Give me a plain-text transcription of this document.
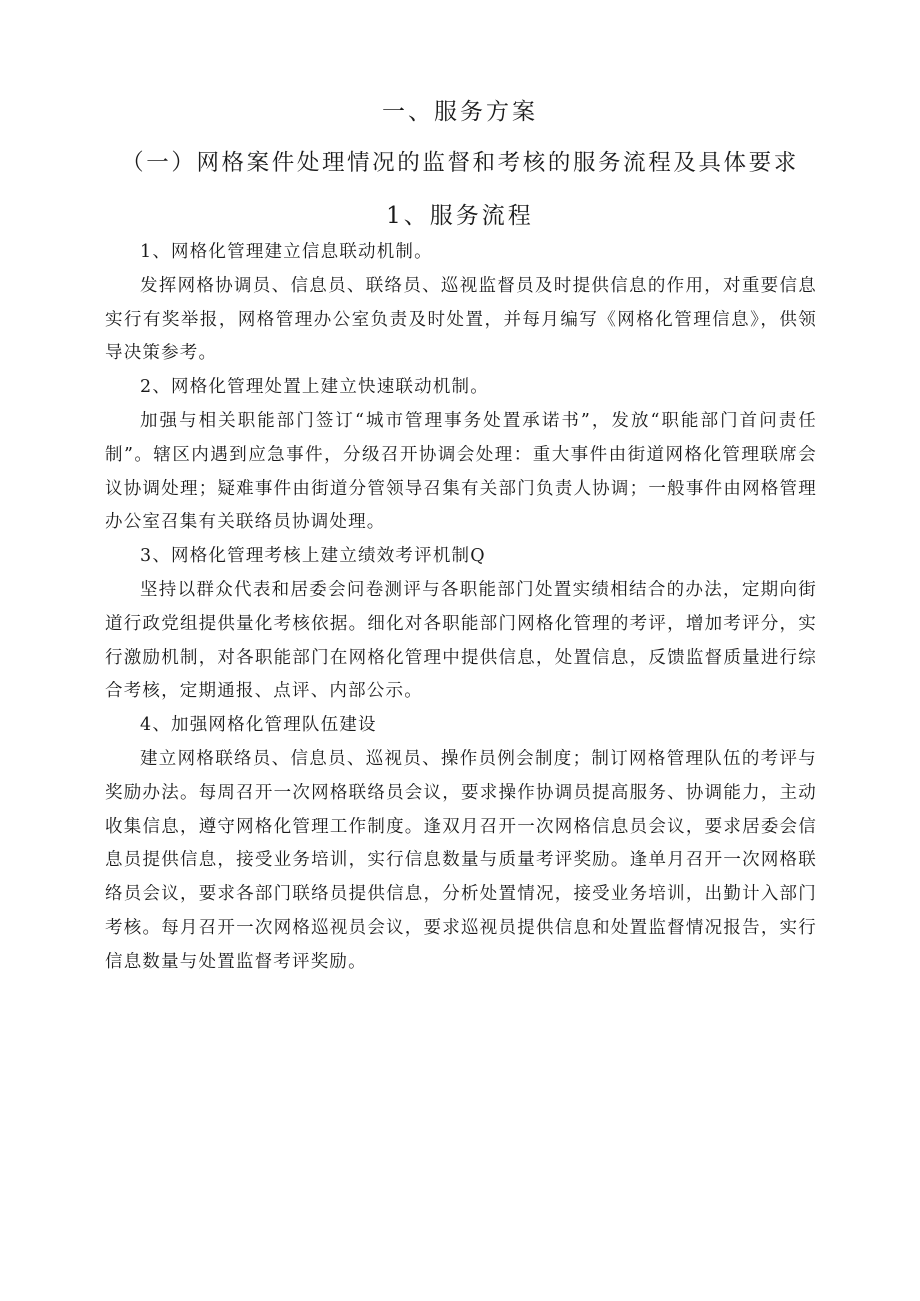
一、服务方案
（一）网格案件处理情况的监督和考核的服务流程及具体要求
1、服务流程

1、网格化管理建立信息联动机制。

发挥网格协调员、信息员、联络员、巡视监督员及时提供信息的作用，对重要信息实行有奖举报，网格管理办公室负责及时处置，并每月编写《网格化管理信息》，供领导决策参考。

2、网格化管理处置上建立快速联动机制。

加强与相关职能部门签订“城市管理事务处置承诺书”，发放“职能部门首问责任制”。辖区内遇到应急事件，分级召开协调会处理：重大事件由街道网格化管理联席会议协调处理；疑难事件由街道分管领导召集有关部门负责人协调；一般事件由网格管理办公室召集有关联络员协调处理。

3、网格化管理考核上建立绩效考评机制Q

坚持以群众代表和居委会问卷测评与各职能部门处置实绩相结合的办法，定期向街道行政党组提供量化考核依据。细化对各职能部门网格化管理的考评，增加考评分，实行激励机制，对各职能部门在网格化管理中提供信息，处置信息，反馈监督质量进行综合考核，定期通报、点评、内部公示。

4、加强网格化管理队伍建设

建立网格联络员、信息员、巡视员、操作员例会制度；制订网格管理队伍的考评与奖励办法。每周召开一次网格联络员会议，要求操作协调员提高服务、协调能力，主动收集信息，遵守网格化管理工作制度。逢双月召开一次网格信息员会议，要求居委会信息员提供信息，接受业务培训，实行信息数量与质量考评奖励。逢单月召开一次网格联络员会议，要求各部门联络员提供信息，分析处置情况，接受业务培训，出勤计入部门考核。每月召开一次网格巡视员会议，要求巡视员提供信息和处置监督情况报告，实行信息数量与处置监督考评奖励。
